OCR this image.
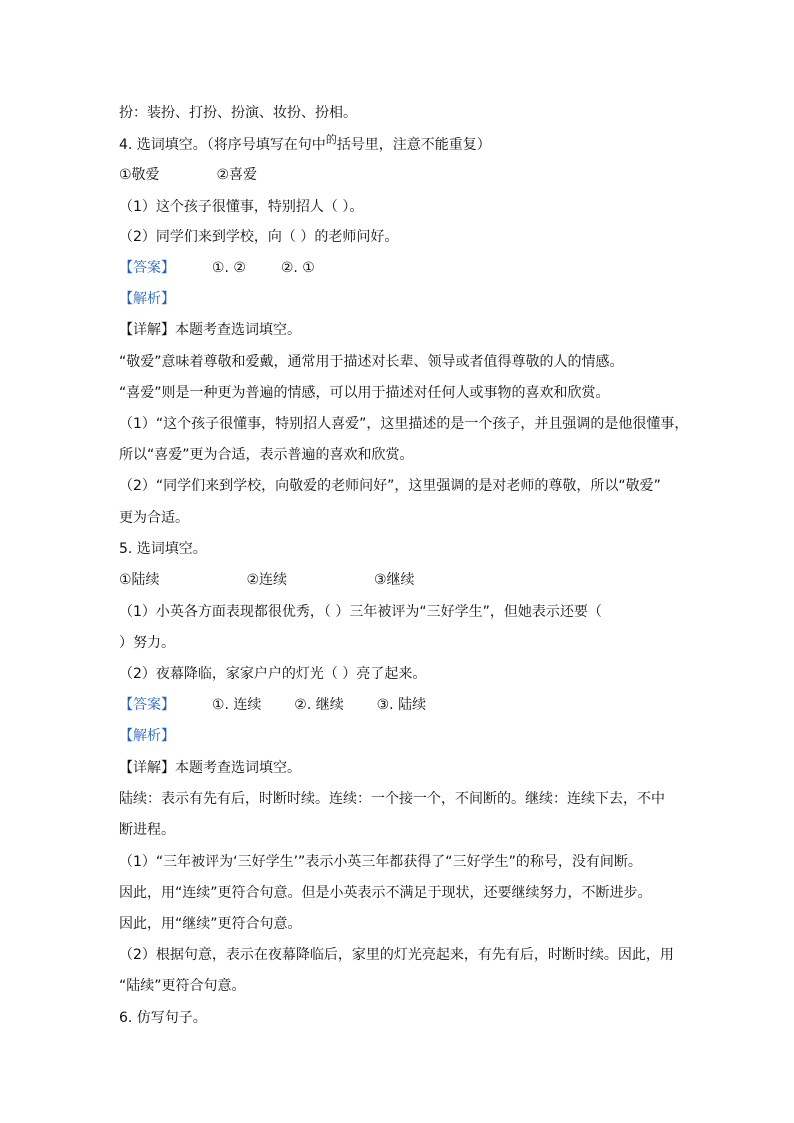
扮：装扮、打扮、扮演、妆扮、扮相。
4. 选词填空。（将序号填写在句中$^的$括号里，注意不能重复）
①敬爱	②喜爱
（1）这个孩子很懂事，特别招人（ ）。
（2）同学们来到学校，向（ ）的老师问好。
【答案】	①. ② ②. ①
【解析】
【详解】本题考查选词填空。
“敬爱”意味着尊敬和爱戴，通常用于描述对长辈、领导或者值得尊敬的人的情感。
“喜爱”则是一种更为普遍的情感，可以用于描述对任何人或事物的喜欢和欣赏。
（1）“这个孩子很懂事，特别招人喜爱”，这里描述的是一个孩子，并且强调的是他很懂事，
所以“喜爱”更为合适，表示普遍的喜欢和欣赏。
（2）“同学们来到学校，向敬爱的老师问好”，这里强调的是对老师的尊敬，所以“敬爱”
更为合适。
5. 选词填空。
①陆续	②连续	③继续
（1）小英各方面表现都很优秀，（ ）三年被评为“三好学生”，但她表示还要（
）努力。
（2）夜幕降临，家家户户的灯光（ ）亮了起来。
【答案】	①. 连续 ②. 继续 ③. 陆续
【解析】
【详解】本题考查选词填空。
陆续：表示有先有后，时断时续。连续：一个接一个，不间断的。继续：连续下去，不中
断进程。
（1）“三年被评为‘三好学生’”表示小英三年都获得了“三好学生”的称号，没有间断。
因此，用“连续”更符合句意。但是小英表示不满足于现状，还要继续努力，不断进步。
因此，用“继续”更符合句意。
（2）根据句意，表示在夜幕降临后，家里的灯光亮起来，有先有后，时断时续。因此，用
“陆续”更符合句意。
6. 仿写句子。
